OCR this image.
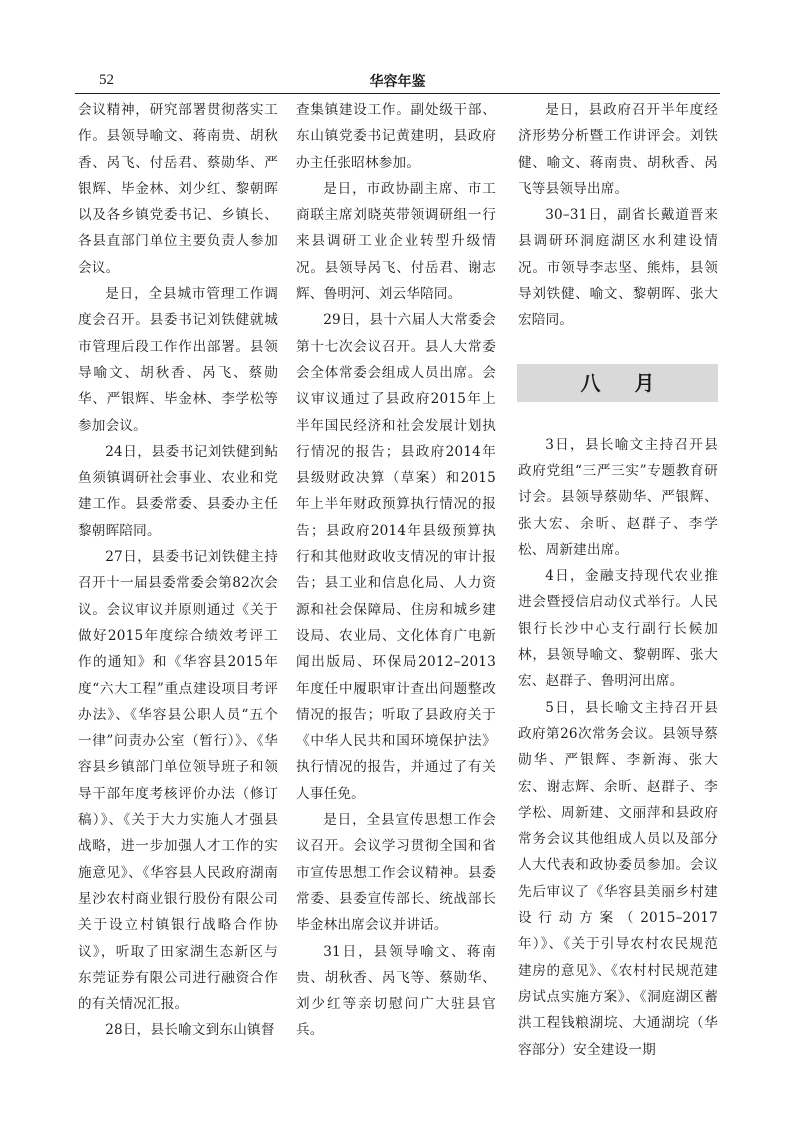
52	华容年鉴

会议精神，研究部署贯彻落实工作。县领导喻文、蒋南贵、胡秋香、呙飞、付岳君、蔡勋华、严银辉、毕金林、刘少红、黎朝晖以及各乡镇党委书记、乡镇长、各县直部门单位主要负责人参加会议。

是日，全县城市管理工作调度会召开。县委书记刘铁健就城市管理后段工作作出部署。县领导喻文、胡秋香、呙飞、蔡勋华、严银辉、毕金林、李学松等参加会议。

24日，县委书记刘铁健到鲇鱼须镇调研社会事业、农业和党建工作。县委常委、县委办主任黎朝晖陪同。

27日，县委书记刘铁健主持召开十一届县委常委会第82次会议。会议审议并原则通过《关于做好2015年度综合绩效考评工作的通知》和《华容县2015年度“六大工程”重点建设项目考评办法》、《华容县公职人员“五个一律”问责办公室（暂行）》、《华容县乡镇部门单位领导班子和领导干部年度考核评价办法（修订稿）》、《关于大力实施人才强县战略，进一步加强人才工作的实施意见》、《华容县人民政府湖南星沙农村商业银行股份有限公司关于设立村镇银行战略合作协议》，听取了田家湖生态新区与东莞证券有限公司进行融资合作的有关情况汇报。

28日，县长喻文到东山镇督

查集镇建设工作。副处级干部、东山镇党委书记黄建明，县政府办主任张昭林参加。

是日，市政协副主席、市工商联主席刘晓英带领调研组一行来县调研工业企业转型升级情况。县领导呙飞、付岳君、谢志辉、鲁明河、刘云华陪同。

29日，县十六届人大常委会第十七次会议召开。县人大常委会全体常委会组成人员出席。会议审议通过了县政府2015年上半年国民经济和社会发展计划执行情况的报告；县政府2014年县级财政决算（草案）和2015年上半年财政预算执行情况的报告；县政府2014年县级预算执行和其他财政收支情况的审计报告；县工业和信息化局、人力资源和社会保障局、住房和城乡建设局、农业局、文化体育广电新闻出版局、环保局2012–2013年度任中履职审计查出问题整改情况的报告；听取了县政府关于《中华人民共和国环境保护法》执行情况的报告，并通过了有关人事任免。

是日，全县宣传思想工作会议召开。会议学习贯彻全国和省市宣传思想工作会议精神。县委常委、县委宣传部长、统战部长毕金林出席会议并讲话。

31日，县领导喻文、蒋南贵、胡秋香、呙飞等、蔡勋华、刘少红等亲切慰问广大驻县官兵。

是日，县政府召开半年度经济形势分析暨工作讲评会。刘铁健、喻文、蒋南贵、胡秋香、呙飞等县领导出席。

30–31日，副省长戴道晋来县调研环洞庭湖区水利建设情况。市领导李志坚、熊炜，县领导刘铁健、喻文、黎朝晖、张大宏陪同。

八月

3日，县长喻文主持召开县政府党组“三严三实”专题教育研讨会。县领导蔡勋华、严银辉、张大宏、余昕、赵群子、李学松、周新建出席。

4日，金融支持现代农业推进会暨授信启动仪式举行。人民银行长沙中心支行副行长候加林，县领导喻文、黎朝晖、张大宏、赵群子、鲁明河出席。

5日，县长喻文主持召开县政府第26次常务会议。县领导蔡勋华、严银辉、李新海、张大宏、谢志辉、余昕、赵群子、李学松、周新建、文丽萍和县政府常务会议其他组成人员以及部分人大代表和政协委员参加。会议先后审议了《华容县美丽乡村建设行动方案（2015–2017年）》、《关于引导农村农民规范建房的意见》、《农村村民规范建房试点实施方案》、《洞庭湖区蓄洪工程钱粮湖垸、大通湖垸（华容部分）安全建设一期
